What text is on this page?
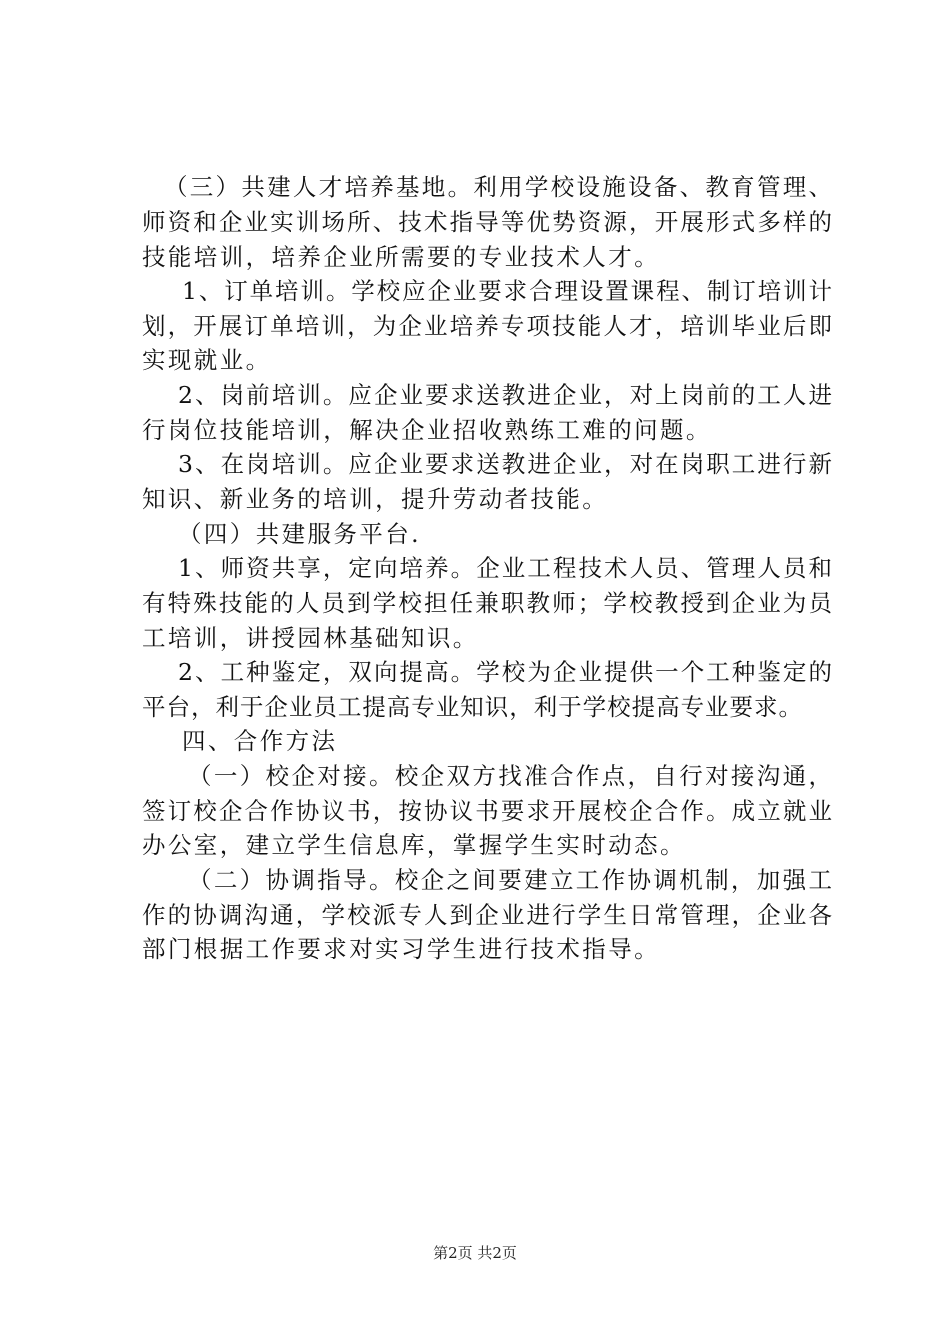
（三）共建人才培养基地。利用学校设施设备、教育管理、
师资和企业实训场所、技术指导等优势资源，开展形式多样的
技能培训，培养企业所需要的专业技术人才。
1、订单培训。学校应企业要求合理设置课程、制订培训计
划，开展订单培训，为企业培养专项技能人才，培训毕业后即
实现就业。
2、岗前培训。应企业要求送教进企业，对上岗前的工人进
行岗位技能培训，解决企业招收熟练工难的问题。
3、在岗培训。应企业要求送教进企业，对在岗职工进行新
知识、新业务的培训，提升劳动者技能。
（四）共建服务平台.
1、师资共享，定向培养。企业工程技术人员、管理人员和
有特殊技能的人员到学校担任兼职教师；学校教授到企业为员
工培训，讲授园林基础知识。
2、工种鉴定，双向提高。学校为企业提供一个工种鉴定的
平台，利于企业员工提高专业知识，利于学校提高专业要求。
四、合作方法
（一）校企对接。校企双方找准合作点，自行对接沟通，
签订校企合作协议书，按协议书要求开展校企合作。成立就业
办公室，建立学生信息库，掌握学生实时动态。
（二）协调指导。校企之间要建立工作协调机制，加强工
作的协调沟通，学校派专人到企业进行学生日常管理，企业各
部门根据工作要求对实习学生进行技术指导。
第2页 共2页
